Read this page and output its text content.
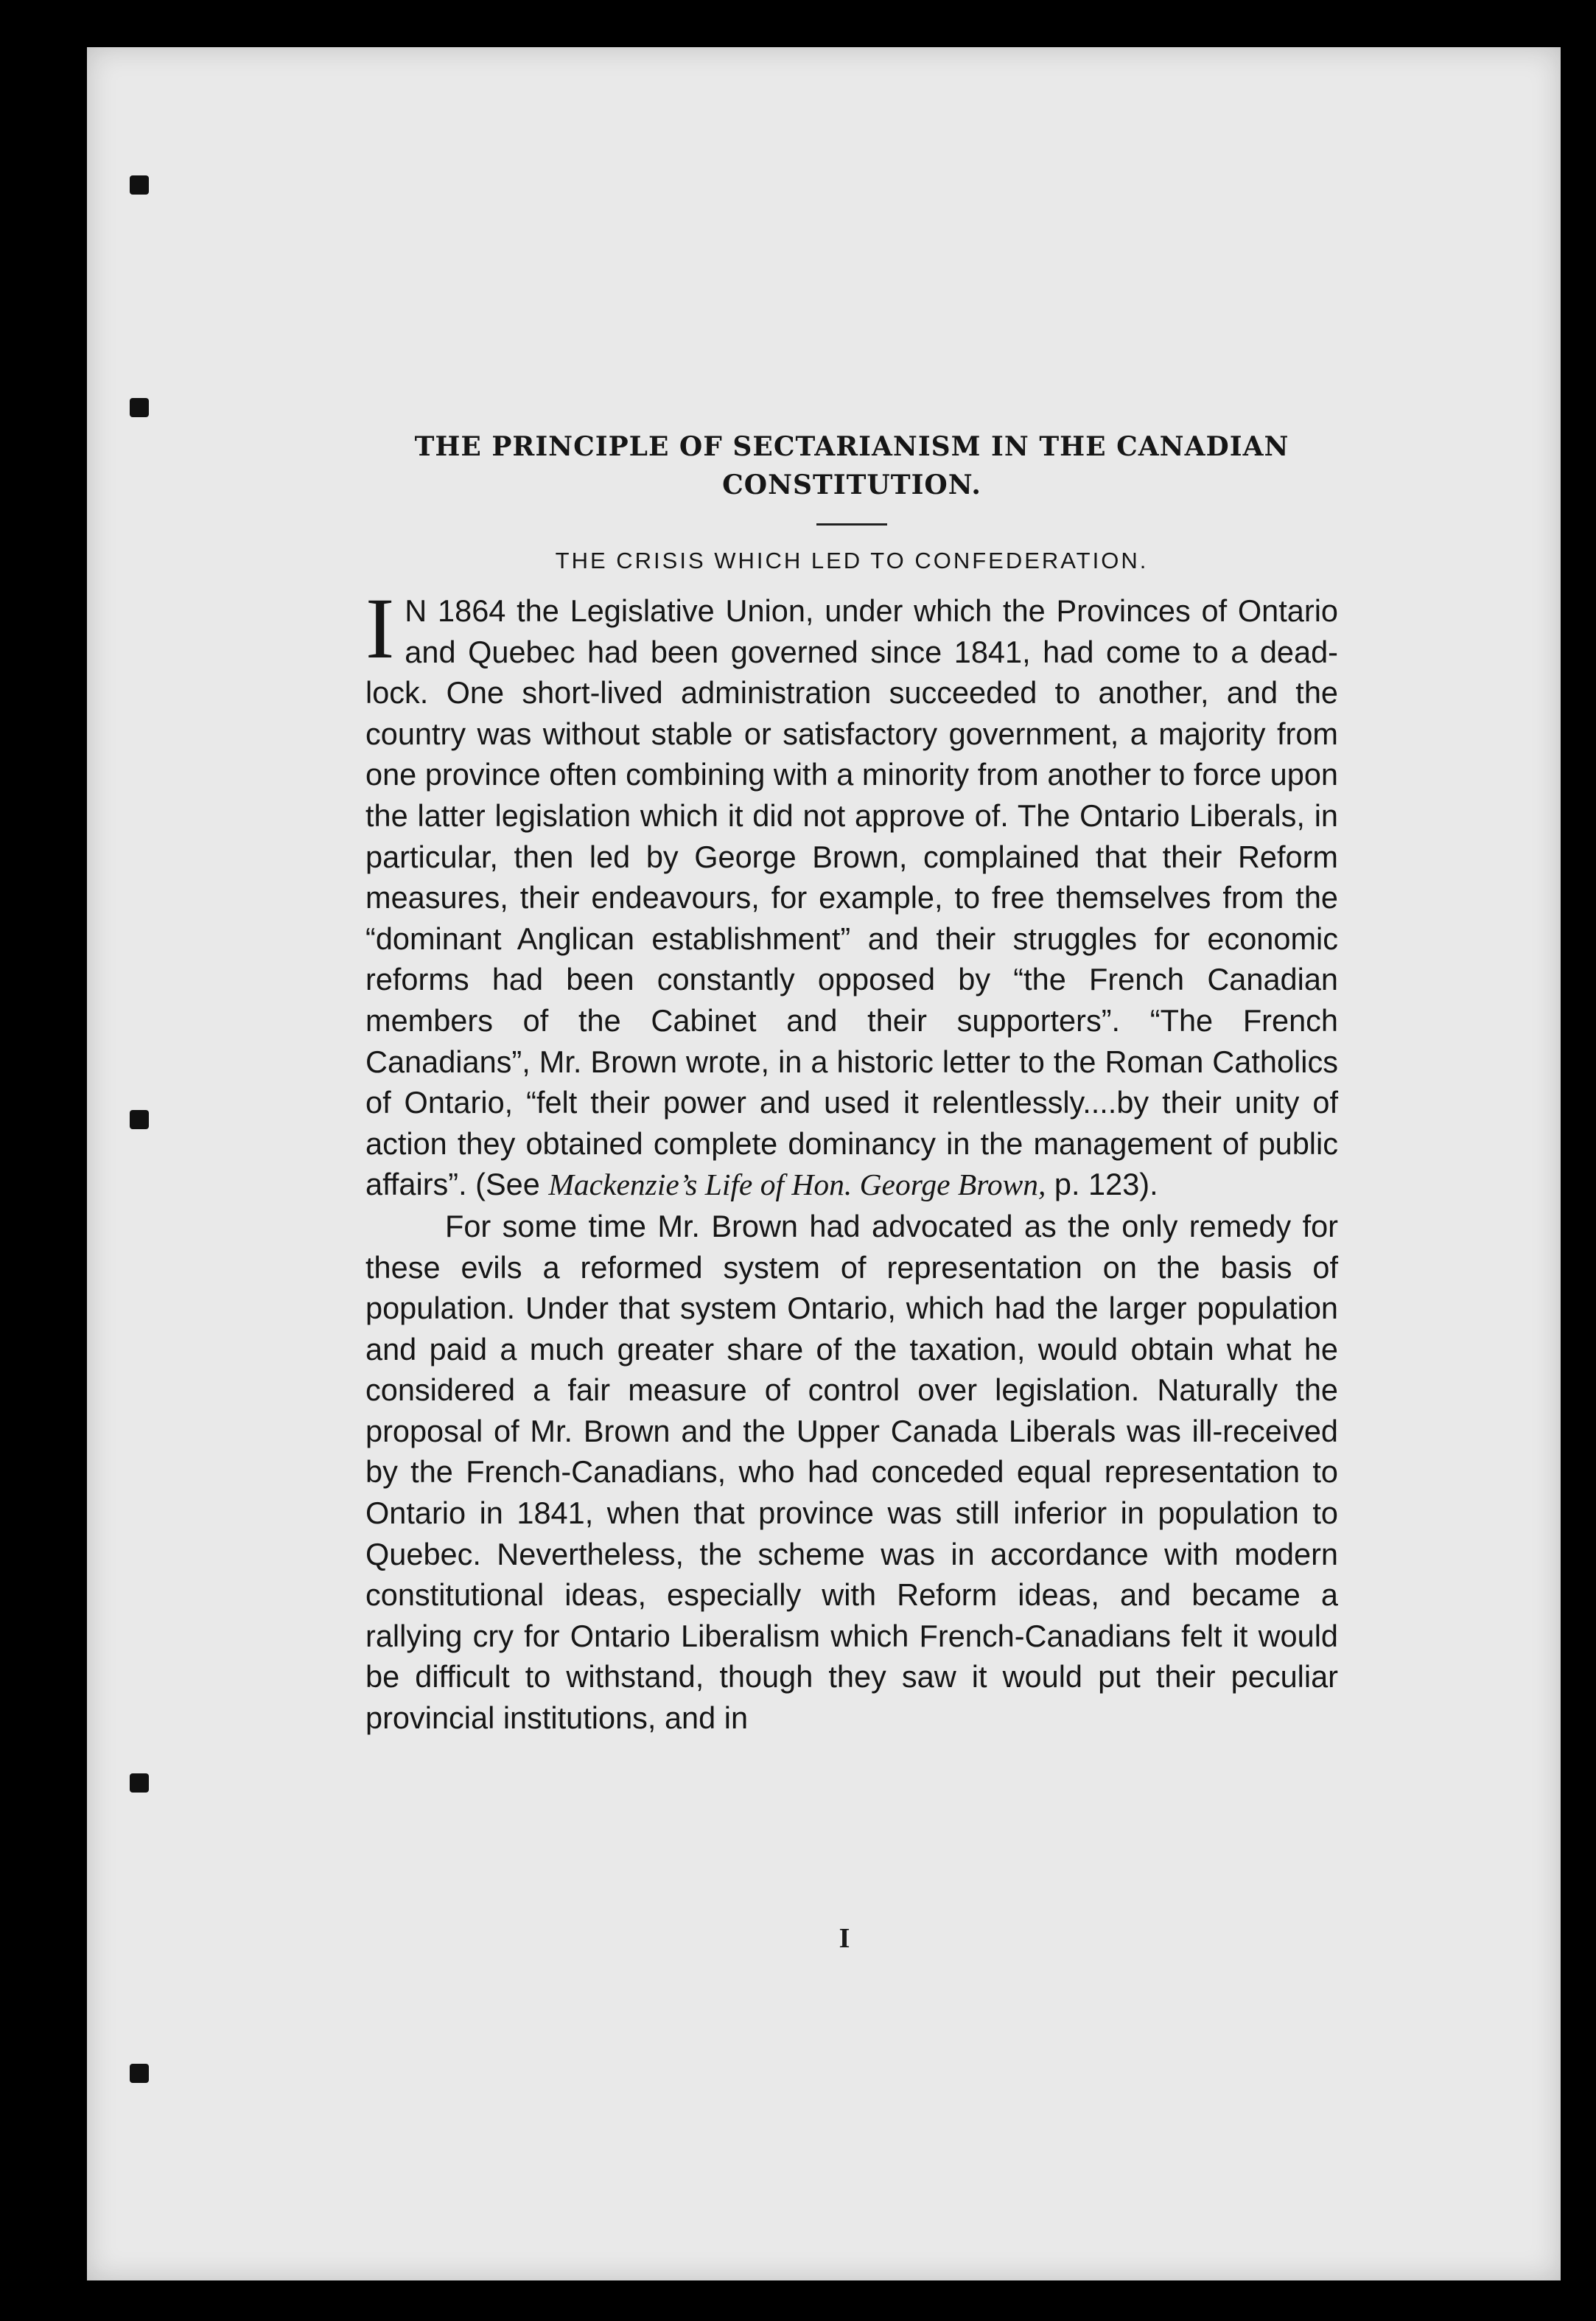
THE PRINCIPLE OF SECTARIANISM IN THE CANADIAN
CONSTITUTION.

THE CRISIS WHICH LED TO CONFEDERATION.

I N 1864 the Legislative Union, under which the Provinces of Ontario and Quebec had been governed since 1841, had come to a dead-lock. One short-lived administration succeeded to another, and the country was without stable or satisfactory government, a majority from one province often combining with a minority from another to force upon the latter legislation which it did not approve of. The Ontario Liberals, in particular, then led by George Brown, complained that their Reform measures, their endeavours, for example, to free themselves from the “dominant Anglican establishment” and their struggles for economic reforms had been constantly opposed by “the French Canadian members of the Cabinet and their supporters”. “The French Canadians”, Mr. Brown wrote, in a historic letter to the Roman Catholics of Ontario, “felt their power and used it relentlessly....by their unity of action they obtained complete dominancy in the management of public affairs”. (See Mackenzie’s Life of Hon. George Brown, p. 123).

For some time Mr. Brown had advocated as the only remedy for these evils a reformed system of representation on the basis of population. Under that system Ontario, which had the larger population and paid a much greater share of the taxation, would obtain what he considered a fair measure of control over legislation. Naturally the proposal of Mr. Brown and the Upper Canada Liberals was ill-received by the French-Canadians, who had conceded equal representation to Ontario in 1841, when that province was still inferior in population to Quebec. Nevertheless, the scheme was in accordance with modern constitutional ideas, especially with Reform ideas, and became a rallying cry for Ontario Liberalism which French-Canadians felt it would be difficult to withstand, though they saw it would put their peculiar provincial institutions, and in

I
